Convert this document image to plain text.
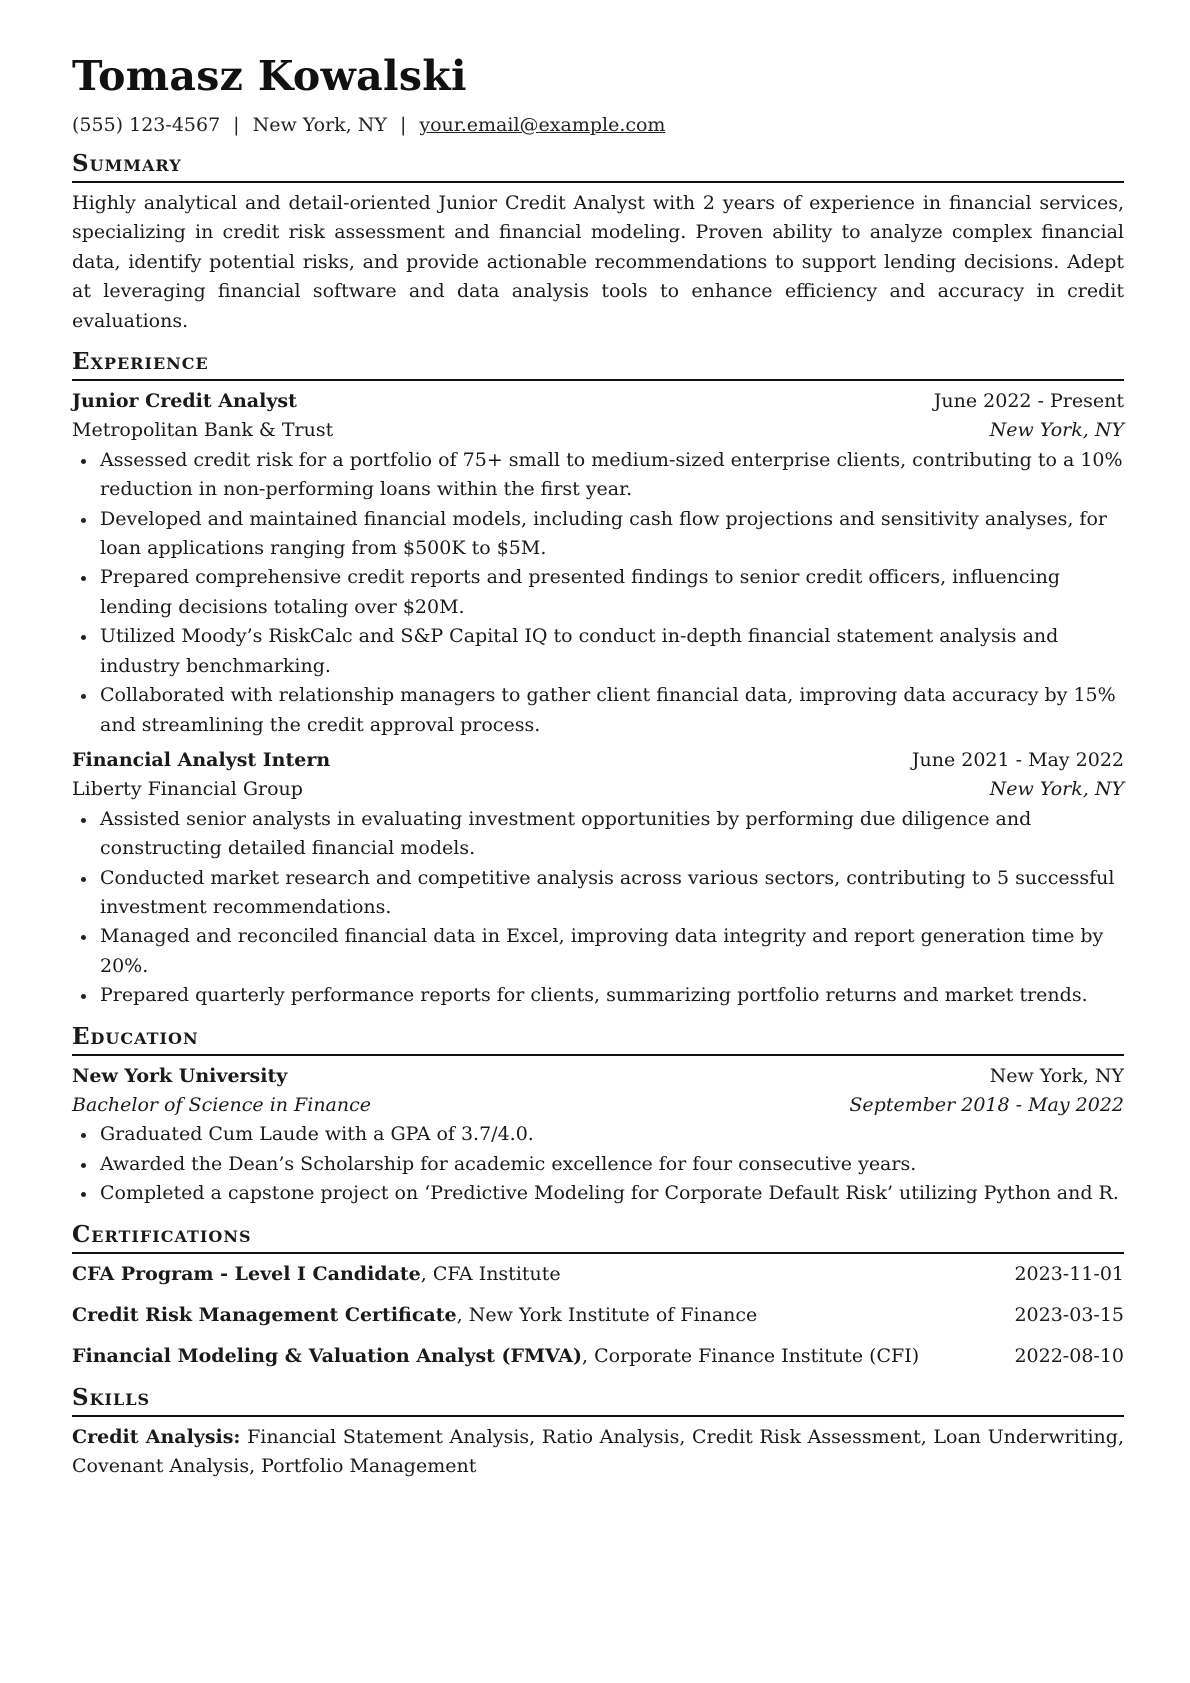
Tomasz Kowalski
(555) 123-4567 | New York, NY | your.email@example.com
Summary

Highly analytical and detail-oriented Junior Credit Analyst with 2 years of experience in financial services, specializing in credit risk assessment and financial modeling. Proven ability to analyze complex financial data, identify potential risks, and provide actionable recommendations to support lending decisions. Adept at leveraging financial software and data analysis tools to enhance efficiency and accuracy in credit evaluations.

Experience
Junior Credit Analyst	June 2022 - Present
Metropolitan Bank & Trust	New York, NY
Assessed credit risk for a portfolio of 75+ small to medium-sized enterprise clients, contributing to a 10% reduction in non-performing loans within the first year.
Developed and maintained financial models, including cash flow projections and sensitivity analyses, for loan applications ranging from $500K to $5M.
Prepared comprehensive credit reports and presented findings to senior credit officers, influencing lending decisions totaling over $20M.
Utilized Moody’s RiskCalc and S&P Capital IQ to conduct in-depth financial statement analysis and industry benchmarking.
Collaborated with relationship managers to gather client financial data, improving data accuracy by 15% and streamlining the credit approval process.
Financial Analyst Intern	June 2021 - May 2022
Liberty Financial Group	New York, NY
Assisted senior analysts in evaluating investment opportunities by performing due diligence and constructing detailed financial models.
Conducted market research and competitive analysis across various sectors, contributing to 5 successful investment recommendations.
Managed and reconciled financial data in Excel, improving data integrity and report generation time by 20%.
Prepared quarterly performance reports for clients, summarizing portfolio returns and market trends.
Education
New York University	New York, NY
Bachelor of Science in Finance	September 2018 - May 2022
Graduated Cum Laude with a GPA of 3.7/4.0.
Awarded the Dean’s Scholarship for academic excellence for four consecutive years.
Completed a capstone project on ‘Predictive Modeling for Corporate Default Risk’ utilizing Python and R.
Certifications
CFA Program - Level I Candidate, CFA Institute	2023-11-01
Credit Risk Management Certificate, New York Institute of Finance	2023-03-15
Financial Modeling & Valuation Analyst (FMVA), Corporate Finance Institute (CFI)	2022-08-10
Skills

Credit Analysis: Financial Statement Analysis, Ratio Analysis, Credit Risk Assessment, Loan Underwriting, Covenant Analysis, Portfolio Management
